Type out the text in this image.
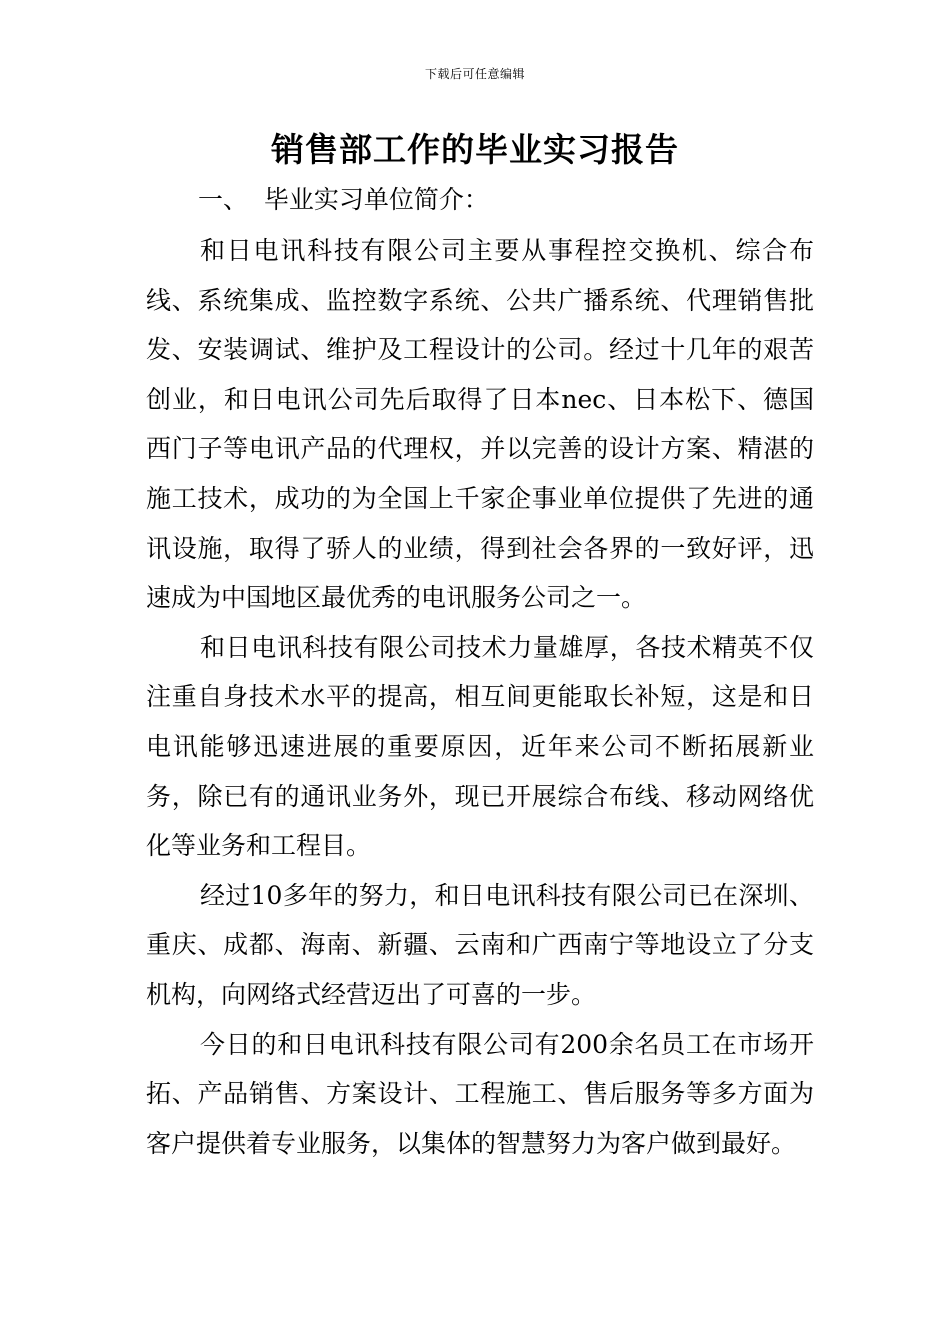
下载后可任意编辑
销售部工作的毕业实习报告
一、  毕业实习单位简介：

和日电讯科技有限公司主要从事程控交换机、综合布线、系统集成、监控数字系统、公共广播系统、代理销售批发、安装调试、维护及工程设计的公司。经过十几年的艰苦创业，和日电讯公司先后取得了日本nec、日本松下、德国西门子等电讯产品的代理权，并以完善的设计方案、精湛的施工技术，成功的为全国上千家企事业单位提供了先进的通讯设施，取得了骄人的业绩，得到社会各界的一致好评，迅速成为中国地区最优秀的电讯服务公司之一。

和日电讯科技有限公司技术力量雄厚，各技术精英不仅注重自身技术水平的提高，相互间更能取长补短，这是和日电讯能够迅速进展的重要原因，近年来公司不断拓展新业务，除已有的通讯业务外，现已开展综合布线、移动网络优化等业务和工程目。

经过10多年的努力，和日电讯科技有限公司已在深圳、重庆、成都、海南、新疆、云南和广西南宁等地设立了分支机构，向网络式经营迈出了可喜的一步。

今日的和日电讯科技有限公司有200余名员工在市场开拓、产品销售、方案设计、工程施工、售后服务等多方面为客户提供着专业服务，以集体的智慧努力为客户做到最好。
